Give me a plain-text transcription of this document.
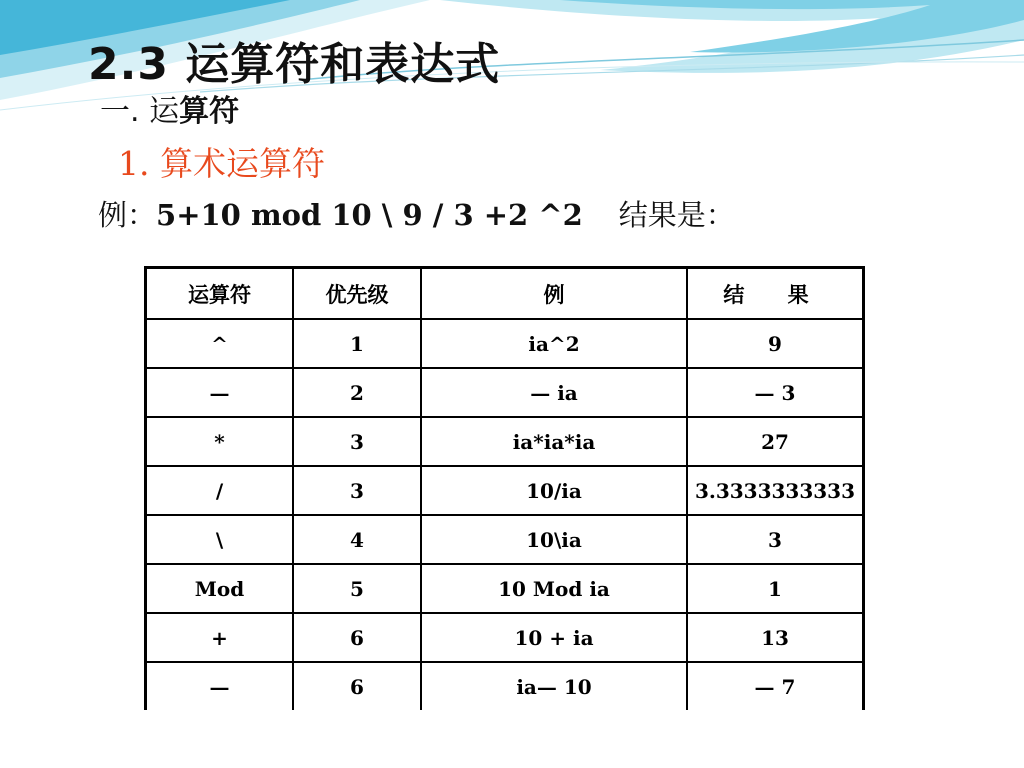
2.3 运算符和表达式
一. 运算符
1. 算术运算符
例：5+10 mod 10 \ 9 / 3 +2 ^2 结果是：
运算符	优先级	例	结 果
^	1	ia^2	9
—	2	— ia	— 3
*	3	ia*ia*ia	27
/	3	10/ia	3.3333333333
\	4	10\ia	3
Mod	5	10 Mod ia	1
+	6	10 + ia	13
—	6	ia— 10	— 7
